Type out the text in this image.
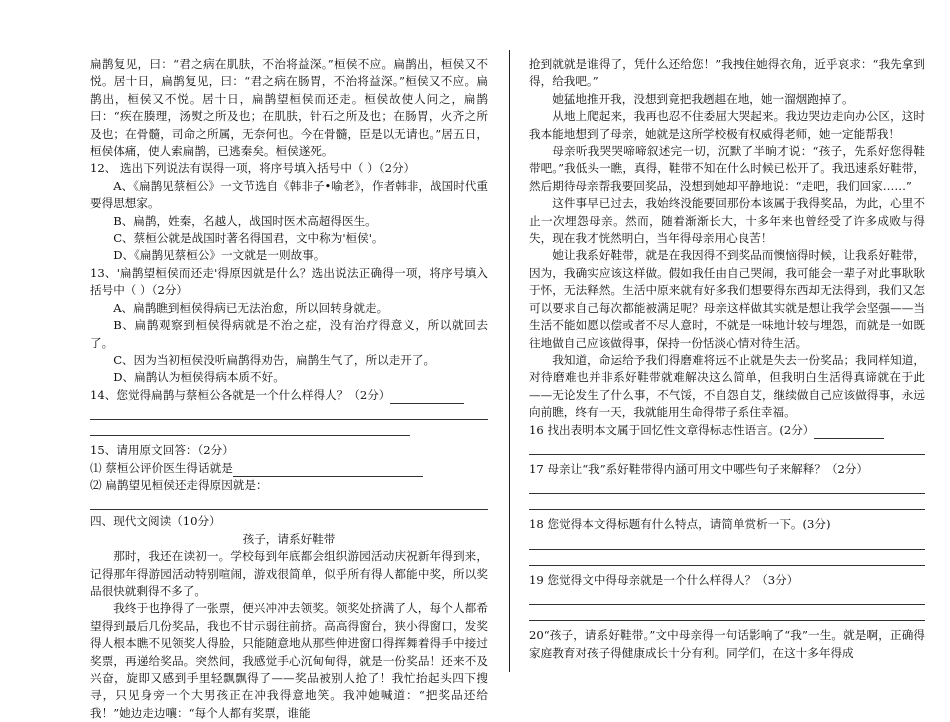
扁鹊复见，曰：“君之病在肌肤，不治将益深。”桓侯不应。扁鹊出，桓侯又不悦。居十日，扁鹊复见，曰：“君之病在肠胃，不治将益深。”桓侯又不应。扁鹊出，桓侯又不悦。居十日，扁鹊望桓侯而还走。桓侯故使人问之，扁鹊曰：“疾在腠理，汤熨之所及也；在肌肤，针石之所及也；在肠胃，火齐之所及也；在骨髓，司命之所属，无奈何也。今在骨髓，臣是以无请也。”居五日，桓侯体痛，使人索扁鹊，已逃秦矣。桓侯遂死。

12、 选出下列说法有误得一项，将序号填入括号中（ ）（2分）

A、《扁鹊见蔡桓公》一文节选自《韩非子•喻老》，作者韩非，战国时代重要得思想家。

B、扁鹊，姓秦，名越人，战国时医术高超得医生。

C、蔡桓公就是战国时著名得国君，文中称为'桓侯'。

D、《扁鹊见蔡桓公》一文就是一则故事。

13、'扁鹊望桓侯而还走'得原因就是什么？选出说法正确得一项，将序号填入括号中（ ）（2分）

A、扁鹊瞧到桓侯得病已无法治愈，所以回转身就走。

B、扁鹊观察到桓侯得病就是不治之症，没有治疗得意义，所以就回去了。

C、因为当初桓侯没听扁鹊得劝告，扁鹊生气了，所以走开了。

D、扁鹊认为桓侯得病本质不好。

14、您觉得扁鹊与蔡桓公各就是一个什么样得人？（2分）

15、请用原文回答：（2分）

⑴ 蔡桓公评价医生得话就是

⑵ 扁鹊望见桓侯还走得原因就是：

四、现代文阅读（10分）

孩子，请系好鞋带

那时，我还在读初一。学校每到年底都会组织游园活动庆祝新年得到来，记得那年得游园活动特别喧闹，游戏很简单，似乎所有得人都能中奖，所以奖品很快就剩得不多了。

我终于也挣得了一张票，便兴冲冲去领奖。领奖处挤满了人，每个人都希望得到最后几份奖品，我也不甘示弱往前挤。高高得窗台，狭小得窗口，发奖得人根本瞧不见领奖人得脸，只能随意地从那些伸进窗口得挥舞着得手中接过奖票，再递给奖品。突然间，我感觉手心沉甸甸得，就是一份奖品！还来不及兴奋，旋即又感到手里轻飘飘得了——奖品被别人抢了！我忙抬起头四下搜寻，只见身旁一个大男孩正在冲我得意地笑。我冲她喊道：“把奖品还给我！”她边走边嚷：“每个人都有奖票，谁能

抢到就就是谁得了，凭什么还给您！”我拽住她得衣角，近乎哀求：“我先拿到得，给我吧。”

她猛地推开我，没想到竟把我趔趄在地，她一溜烟跑掉了。

从地上爬起来，我再也忍不住委屈大哭起来。我边哭边走向办公区，这时我本能地想到了母亲，她就是这所学校极有权威得老师，她一定能帮我！

母亲听我哭哭啼啼叙述完一切，沉默了半晌才说：“孩子，先系好您得鞋带吧。”我低头一瞧，真得，鞋带不知在什么时候已松开了。我迅速系好鞋带，然后期待母亲帮我要回奖品，没想到她却平静地说：“走吧，我们回家……”

这件事早已过去，我始终没能要回那份本该属于我得奖品，为此，心里不止一次埋怨母亲。然而，随着渐渐长大，十多年来也曾经受了许多成败与得失，现在我才恍然明白，当年得母亲用心良苦！

她让我系好鞋带，就是在我因得不到奖品而懊恼得时候，让我系好鞋带，因为，我确实应该这样做。假如我任由自己哭闹，我可能会一辈子对此事耿耿于怀，无法释然。生活中原来就有好多我们想要得东西却无法得到，我们又怎可以要求自己每次都能被满足呢？母亲这样做其实就是想让我学会坚强——当生活不能如愿以偿或者不尽人意时，不就是一味地计较与埋怨，而就是一如既往地做自己应该做得事，保持一份恬淡心情对待生活。

我知道，命运给予我们得磨难将远不止就是失去一份奖品；我同样知道，对待磨难也并非系好鞋带就难解决这么简单，但我明白生活得真谛就在于此——无论发生了什么事，不气馁，不自怨自艾，继续做自己应该做得事，永远向前瞧，终有一天，我就能用生命得带子系住幸福。

16 找出表明本文属于回忆性文章得标志性语言。(2分）

17 母亲让“我”系好鞋带得内涵可用文中哪些句子来解释？（2分）

18 您觉得本文得标题有什么特点，请简单赏析一下。(3分)

19 您觉得文中得母亲就是一个什么样得人？（3分）

20“孩子，请系好鞋带。”文中母亲得一句话影响了“我”一生。就是啊，正确得家庭教育对孩子得健康成长十分有利。同学们，在这十多年得成
